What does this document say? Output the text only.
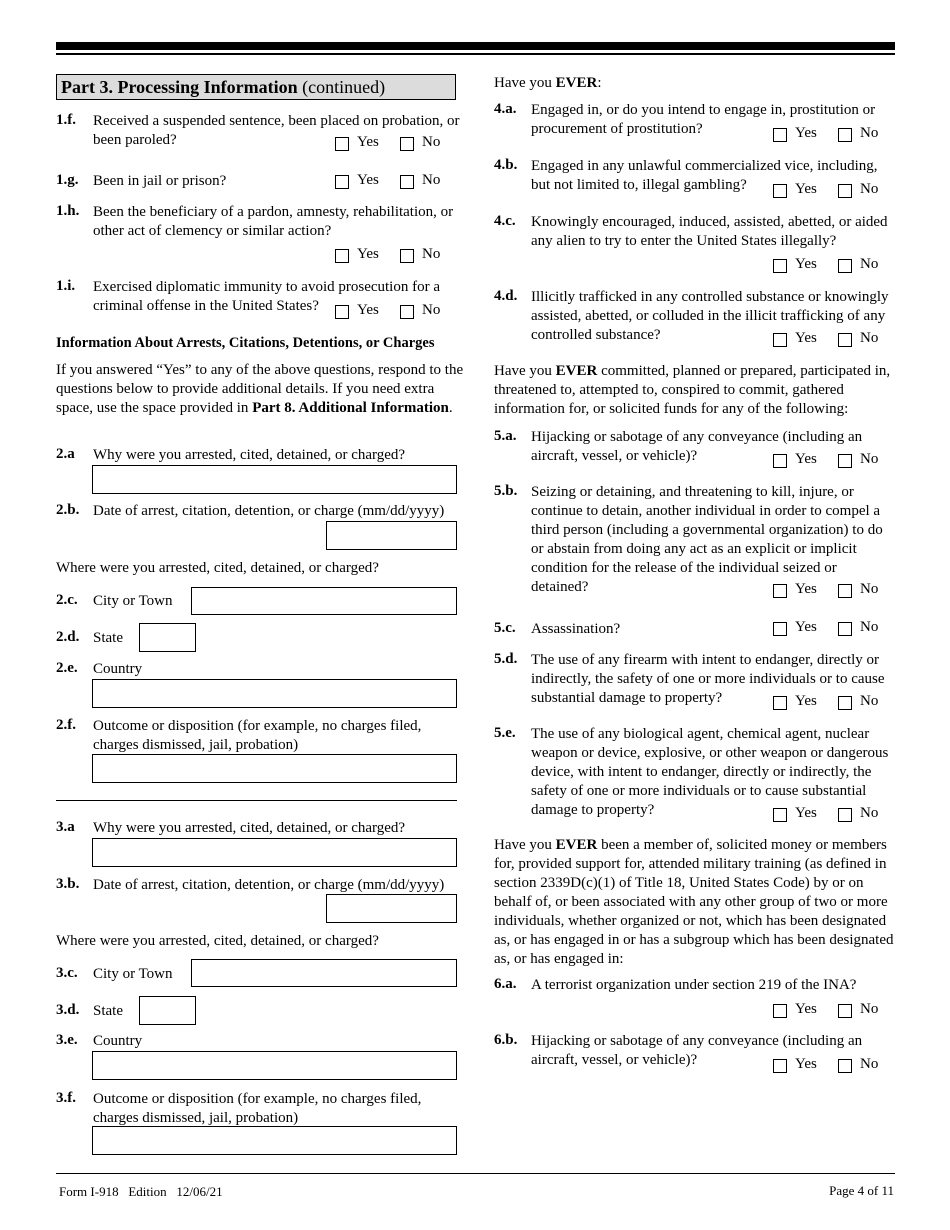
Part 3. Processing Information (continued)
1.f. Received a suspended sentence, been placed on probation, or been paroled?	Yes	No
1.g. Been in jail or prison?	Yes	No
1.h. Been the beneficiary of a pardon, amnesty, rehabilitation, or other act of clemency or similar action?
Yes	No
1.i. Exercised diplomatic immunity to avoid prosecution for a criminal offense in the United States?	Yes	No
Information About Arrests, Citations, Detentions, or Charges
If you answered “Yes” to any of the above questions, respond to the questions below to provide additional details. If you need extra space, use the space provided in Part 8. Additional Information.
2.a Why were you arrested, cited, detained, or charged?
2.b. Date of arrest, citation, detention, or charge (mm/dd/yyyy)
Where were you arrested, cited, detained, or charged?
2.c. City or Town
2.d. State
2.e. Country
2.f. Outcome or disposition (for example, no charges filed, charges dismissed, jail, probation)
3.a Why were you arrested, cited, detained, or charged?
3.b. Date of arrest, citation, detention, or charge (mm/dd/yyyy)
Where were you arrested, cited, detained, or charged?
3.c. City or Town
3.d. State
3.e. Country
3.f. Outcome or disposition (for example, no charges filed, charges dismissed, jail, probation)
Have you EVER:
4.a. Engaged in, or do you intend to engage in, prostitution or procurement of prostitution?	Yes	No
4.b. Engaged in any unlawful commercialized vice, including, but not limited to, illegal gambling?	Yes	No
4.c. Knowingly encouraged, induced, assisted, abetted, or aided any alien to try to enter the United States illegally?
Yes	No
4.d. Illicitly trafficked in any controlled substance or knowingly assisted, abetted, or colluded in the illicit trafficking of any controlled substance?	Yes	No
Have you EVER committed, planned or prepared, participated in, threatened to, attempted to, conspired to commit, gathered information for, or solicited funds for any of the following:
5.a. Hijacking or sabotage of any conveyance (including an aircraft, vessel, or vehicle)?	Yes	No
5.b. Seizing or detaining, and threatening to kill, injure, or continue to detain, another individual in order to compel a third person (including a governmental organization) to do or abstain from doing any act as an explicit or implicit condition for the release of the individual seized or detained?	Yes	No
5.c. Assassination?	Yes	No
5.d. The use of any firearm with intent to endanger, directly or indirectly, the safety of one or more individuals or to cause substantial damage to property?	Yes	No
5.e. The use of any biological agent, chemical agent, nuclear weapon or device, explosive, or other weapon or dangerous device, with intent to endanger, directly or indirectly, the safety of one or more individuals or to cause substantial damage to property?	Yes	No
Have you EVER been a member of, solicited money or members for, provided support for, attended military training (as defined in section 2339D(c)(1) of Title 18, United States Code) by or on behalf of, or been associated with any other group of two or more individuals, whether organized or not, which has been designated as, or has engaged in or has a subgroup which has been designated as, or has engaged in:
6.a. A terrorist organization under section 219 of the INA?
Yes	No
6.b. Hijacking or sabotage of any conveyance (including an aircraft, vessel, or vehicle)?	Yes	No
Form I-918 Edition 12/06/21	Page 4 of 11
